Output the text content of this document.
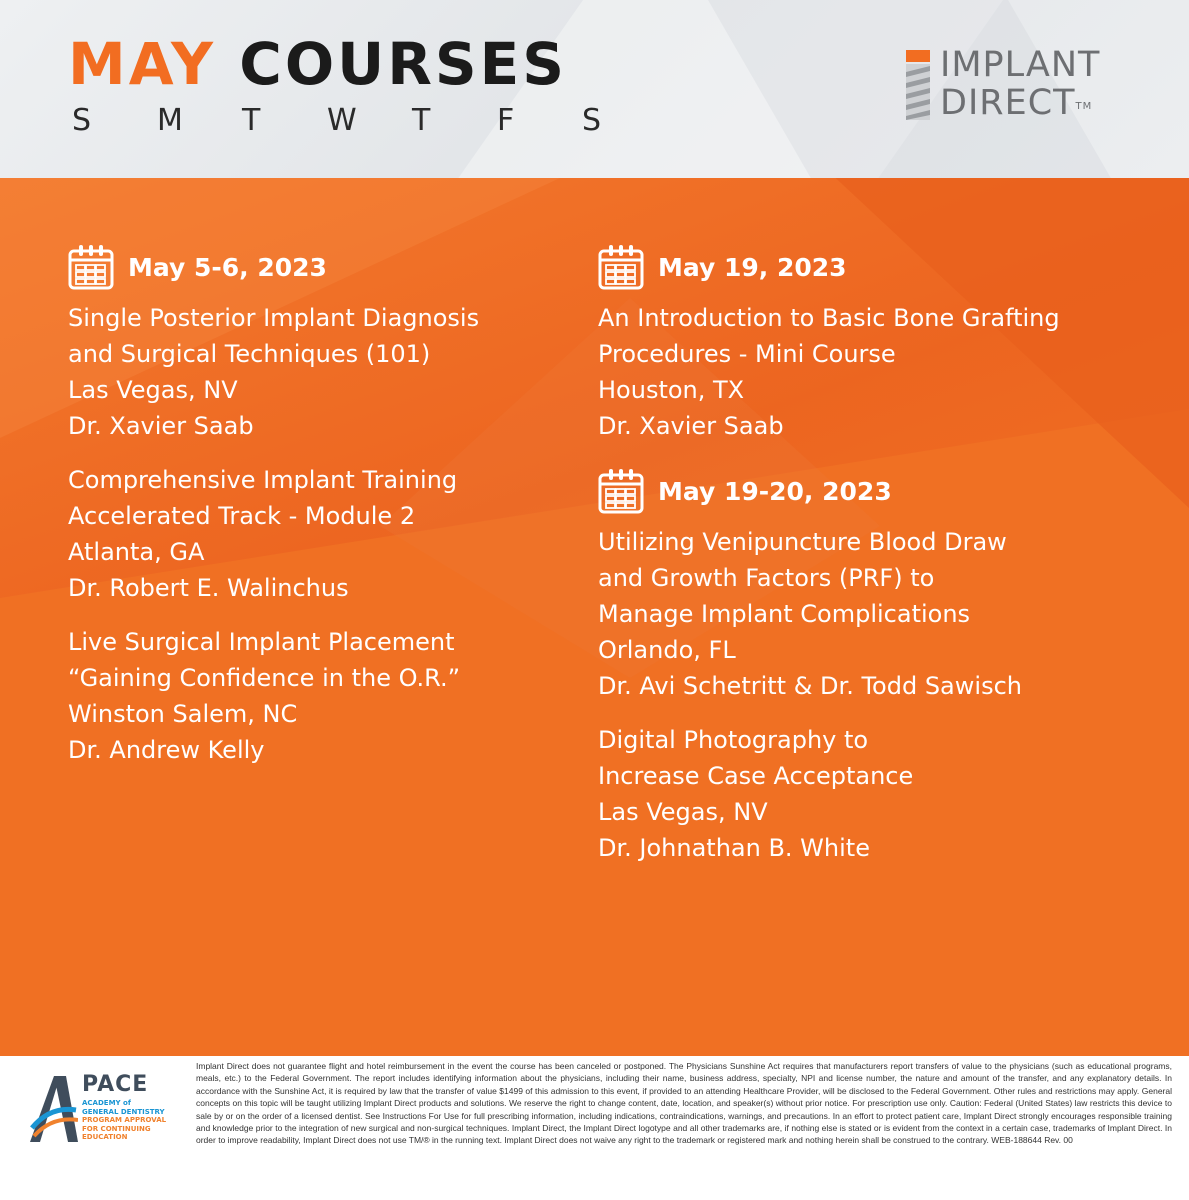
MAY COURSES
S	M	T	W	T	F	S
IMPLANT
DIRECT™
May 5-6, 2023
Single Posterior Implant Diagnosis
and Surgical Techniques (101)
Las Vegas, NV
Dr. Xavier Saab
Comprehensive Implant Training
Accelerated Track - Module 2
Atlanta, GA
Dr. Robert E. Walinchus
Live Surgical Implant Placement
“Gaining Confidence in the O.R.”
Winston Salem, NC
Dr. Andrew Kelly
May 19, 2023
An Introduction to Basic Bone Grafting
Procedures - Mini Course
Houston, TX
Dr. Xavier Saab
May 19-20, 2023
Utilizing Venipuncture Blood Draw
and Growth Factors (PRF) to
Manage Implant Complications
Orlando, FL
Dr. Avi Schetritt & Dr. Todd Sawisch
Digital Photography to
Increase Case Acceptance
Las Vegas, NV
Dr. Johnathan B. White
PACE
ACADEMY of
GENERAL DENTISTRY
PROGRAM APPROVAL
FOR CONTINUING
EDUCATION
Implant Direct does not guarantee flight and hotel reimbursement in the event the course has been canceled or postponed. The Physicians Sunshine Act requires that manufacturers report transfers of value to the physicians (such as educational programs, meals, etc.) to the Federal Government. The report includes identifying information about the physicians, including their name, business address, specialty, NPI and license number, the nature and amount of the transfer, and any explanatory details. In accordance with the Sunshine Act, it is required by law that the transfer of value $1499 of this admission to this event, if provided to an attending Healthcare Provider, will be disclosed to the Federal Government. Other rules and restrictions may apply. General concepts on this topic will be taught utilizing Implant Direct products and solutions. We reserve the right to change content, date, location, and speaker(s) without prior notice. For prescription use only. Caution: Federal (United States) law restricts this device to sale by or on the order of a licensed dentist. See Instructions For Use for full prescribing information, including indications, contraindications, warnings, and precautions. In an effort to protect patient care, Implant Direct strongly encourages responsible training and knowledge prior to the integration of new surgical and non-surgical techniques. Implant Direct, the Implant Direct logotype and all other trademarks are, if nothing else is stated or is evident from the context in a certain case, trademarks of Implant Direct. In order to improve readability, Implant Direct does not use TM/® in the running text. Implant Direct does not waive any right to the trademark or registered mark and nothing herein shall be construed to the contrary. WEB-188644 Rev. 00
